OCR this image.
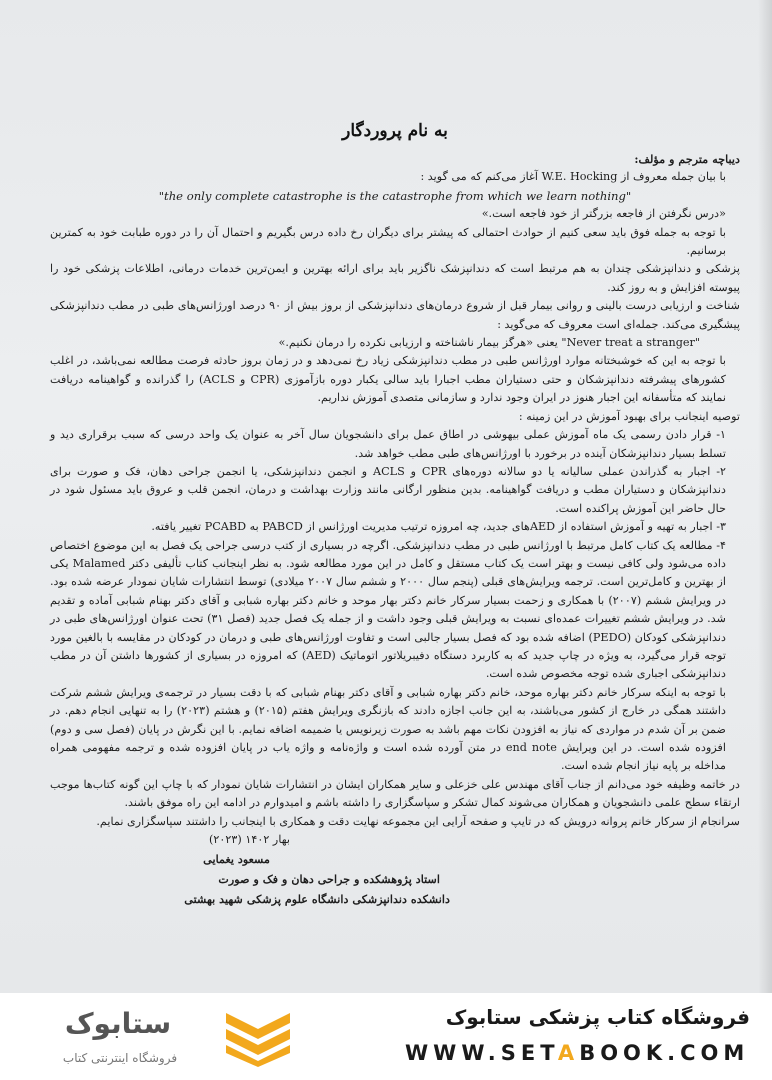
به نام پروردگار

دیباچه مترجم و مؤلف:

با بیان جمله معروف از W.E. Hocking آغاز می‌کنم که می گوید :

"the only complete catastrophe is the catastrophe from which we learn nothing"

«درس نگرفتن از فاجعه بزرگتر از خود فاجعه است.»

با توجه به جمله فوق باید سعی کنیم از حوادث احتمالی که پیشتر برای دیگران رخ داده درس بگیریم و احتمال آن را در دوره طبابت خود به کمترین برسانیم.

پزشکی و دندانپزشکی چندان به هم مرتبط است که دندانپزشک ناگزیر باید برای ارائه بهترین و ایمن‌ترین خدمات درمانی، اطلاعات پزشکی خود را پیوسته افزایش و به روز کند.

شناخت و ارزیابی درست بالینی و روانی بیمار قبل از شروع درمان‌های دندانپزشکی از بروز بیش از ۹۰ درصد اورژانس‌های طبی در مطب دندانپزشکی پیشگیری می‌کند. جمله‌ای است معروف که می‌گوید :

"Never treat a stranger" یعنی «هرگز بیمار ناشناخته و ارزیابی نکرده را درمان نکنیم.»

با توجه به این که خوشبختانه موارد اورژانس طبی در مطب دندانپزشکی زیاد رخ نمی‌دهد و در زمان بروز حادثه فرصت مطالعه نمی‌باشد، در اغلب کشورهای پیشرفته دندانپزشکان و حتی دستیاران مطب اجبارا باید سالی یکبار دوره بازآموزی (CPR و ACLS) را گذرانده و گواهینامه دریافت نمایند که متأسفانه این اجبار هنوز در ایران وجود ندارد و سازمانی متصدی آموزش نداریم.

توصیه اینجانب برای بهبود آموزش در این زمینه :

۱- قرار دادن رسمی یک ماه آموزش عملی بیهوشی در اطاق عمل برای دانشجویان سال آخر به عنوان یک واحد درسی که سبب برقراری دید و تسلط بسیار دندانپزشکان آینده در برخورد با اورژانس‌های طبی مطب خواهد شد.

۲- اجبار به گذراندن عملی سالیانه یا دو سالانه دوره‌های CPR و ACLS و انجمن دندانپزشکی، یا انجمن جراحی دهان، فک و صورت برای دندانپزشکان و دستیاران مطب و دریافت گواهینامه. بدین منظور ارگانی مانند وزارت بهداشت و درمان، انجمن قلب و عروق باید مسئول شود در حال حاضر این آموزش پراکنده است.

۳- اجبار به تهیه و آموزش استفاده از AEDهای جدید، چه امروزه ترتیب مدیریت اورژانس از PABCD به PCABD تغییر یافته.

۴- مطالعه یک کتاب کامل مرتبط با اورژانس طبی در مطب دندانپزشکی. اگرچه در بسیاری از کتب درسی جراحی یک فصل به این موضوع اختصاص داده می‌شود ولی کافی نیست و بهتر است یک کتاب مستقل و کامل در این مورد مطالعه شود. به نظر اینجانب کتاب تألیفی دکتر Malamed یکی از بهترین و کامل‌ترین است. ترجمه ویرایش‌های قبلی (پنجم سال ۲۰۰۰ و ششم سال ۲۰۰۷ میلادی) توسط انتشارات شایان نمودار عرضه شده بود. در ویرایش ششم (۲۰۰۷) با همکاری و زحمت بسیار سرکار خانم دکتر بهار موحد و خانم دکتر بهاره شبابی و آقای دکتر بهنام شبابی آماده و تقدیم شد. در ویرایش ششم تغییرات عمده‌ای نسبت به ویرایش قبلی وجود داشت و از جمله یک فصل جدید (فصل ۳۱) تحت عنوان اورژانس‌های طبی در دندانپزشکی کودکان (PEDO) اضافه شده بود که فصل بسیار جالبی است و تفاوت اورژانس‌های طبی و درمان در کودکان در مقایسه با بالغین مورد توجه قرار می‌گیرد، به ویژه در چاپ جدید که به کاربرد دستگاه دفیبریلاتور اتوماتیک (AED) که امروزه در بسیاری از کشورها داشتن آن در مطب دندانپزشکی اجباری شده توجه مخصوص شده است.

با توجه به اینکه سرکار خانم دکتر بهاره موحد، خانم دکتر بهاره شبابی و آقای دکتر بهنام شبابی که با دقت بسیار در ترجمه‌ی ویرایش ششم شرکت داشتند همگی در خارج از کشور می‌باشند، به این جانب اجازه دادند که بازنگری ویرایش هفتم (۲۰۱۵) و هشتم (۲۰۲۳) را به تنهایی انجام دهم. در ضمن بر آن شدم در مواردی که نیاز به افزودن نکات مهم باشد به صورت زیرنویس یا ضمیمه اضافه نمایم. با این نگرش در پایان (فصل سی و دوم) افزوده شده است. در این ویرایش end note در متن آورده شده است و واژه‌نامه و واژه یاب در پایان افزوده شده و ترجمه مفهومی همراه مداخله بر پایه نیاز انجام شده است.

در خاتمه وظیفه خود می‌دانم از جناب آقای مهندس علی خزعلی و سایر همکاران ایشان در انتشارات شایان نمودار که با چاپ این گونه کتاب‌ها موجب ارتقاء سطح علمی دانشجویان و همکاران می‌شوند کمال تشکر و سپاسگزاری را داشته باشم و امیدوارم در ادامه این راه موفق باشند.

سرانجام از سرکار خانم پروانه درویش که در تایپ و صفحه آرایی این مجموعه نهایت دقت و همکاری با اینجانب را داشتند سپاسگزاری نمایم.

بهار ۱۴۰۲ (۲۰۲۳)

مسعود یغمایی

استاد پژوهشکده و جراحی دهان و فک و صورت

دانشکده دندانپزشکی دانشگاه علوم پزشکی شهید بهشتی

ستابوک
فروشگاه اینترنتی کتاب
فروشگاه کتاب پزشکی ستابوک
WWW.SETABOOK.COM
